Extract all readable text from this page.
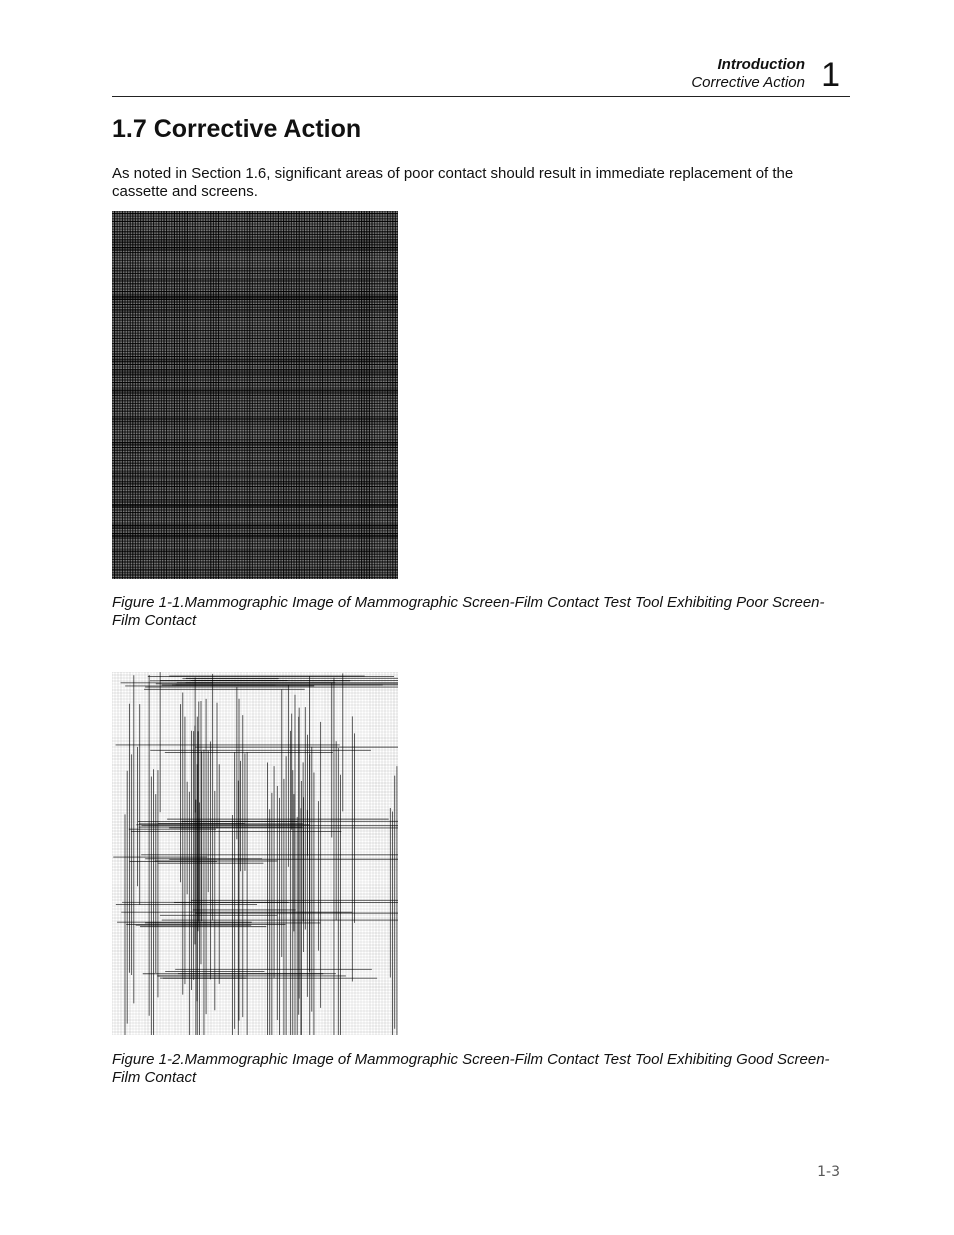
Introduction
Corrective Action 1
1.7 Corrective Action

As noted in Section 1.6, significant areas of poor contact should result in immediate replacement of the cassette and screens.

Figure 1-1.Mammographic Image of Mammographic Screen-Film Contact Test Tool Exhibiting Poor Screen-Film Contact

Figure 1-2.Mammographic Image of Mammographic Screen-Film Contact Test Tool Exhibiting Good Screen-Film Contact

1-3
